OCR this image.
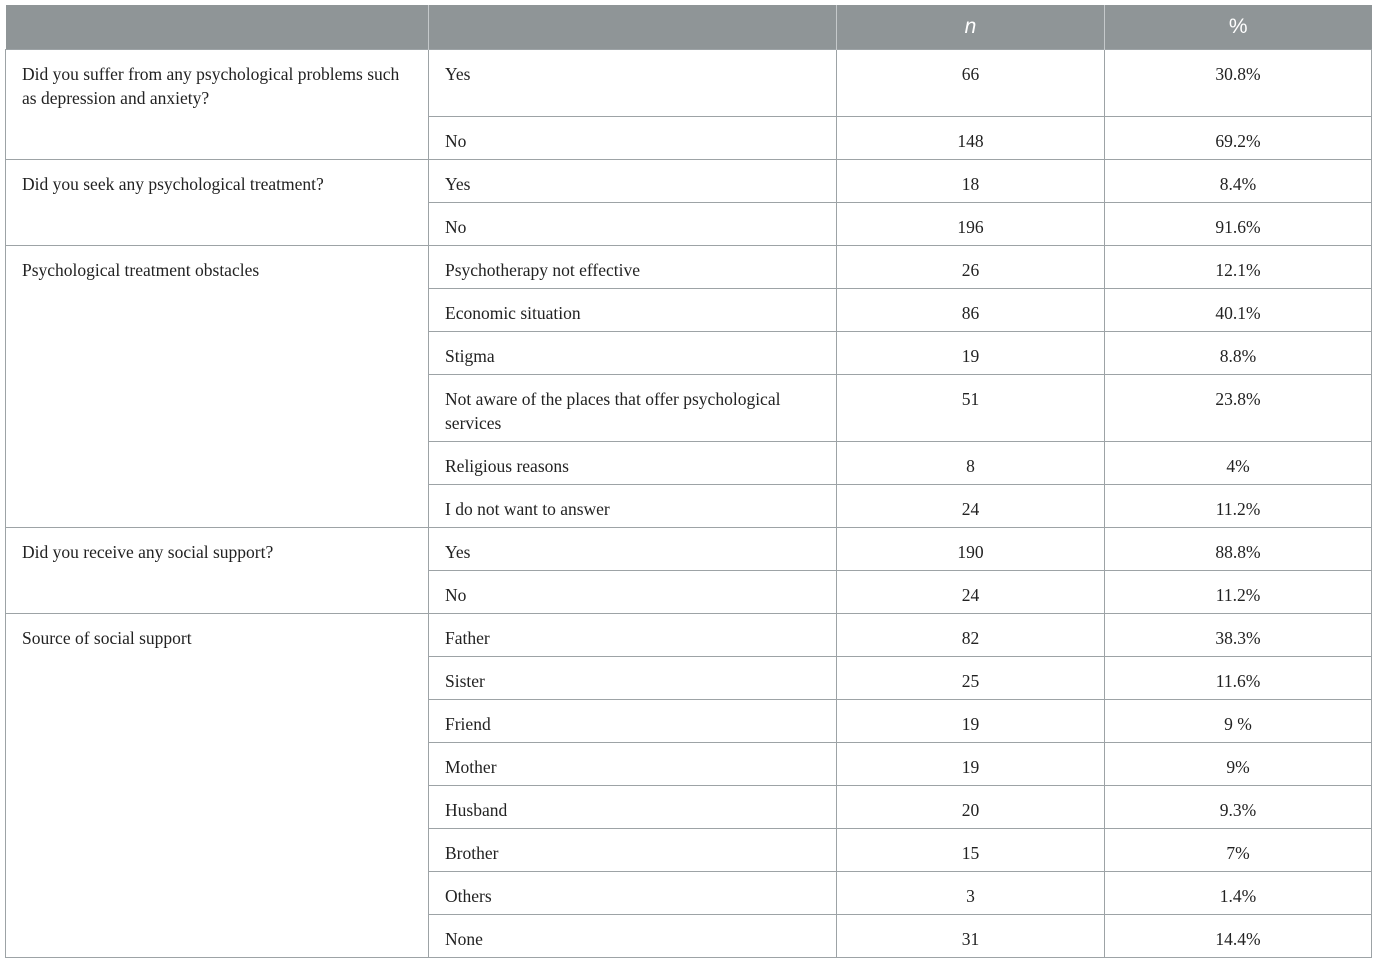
		n	%
Did you suffer from any psychological problems such as depression and anxiety?	Yes	66	30.8%
	No	148	69.2%
Did you seek any psychological treatment?	Yes	18	8.4%
	No	196	91.6%
Psychological treatment obstacles	Psychotherapy not effective	26	12.1%
	Economic situation	86	40.1%
	Stigma	19	8.8%
	Not aware of the places that offer psychological services	51	23.8%
	Religious reasons	8	4%
	I do not want to answer	24	11.2%
Did you receive any social support?	Yes	190	88.8%
	No	24	11.2%
Source of social support	Father	82	38.3%
	Sister	25	11.6%
	Friend	19	9 %
	Mother	19	9%
	Husband	20	9.3%
	Brother	15	7%
	Others	3	1.4%
	None	31	14.4%
